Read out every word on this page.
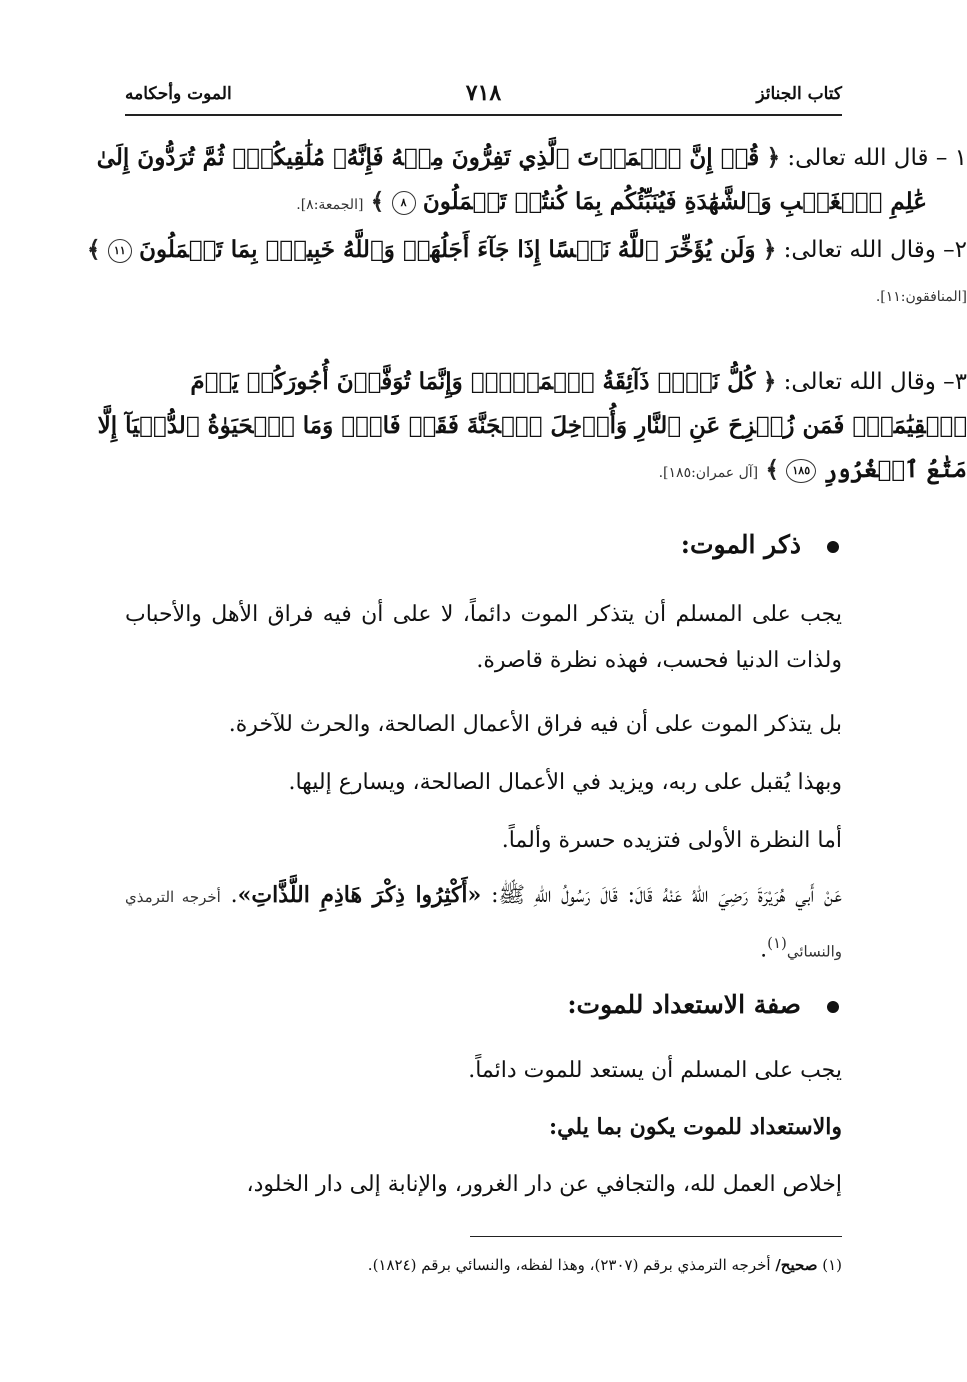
كتاب الجنائز
٧١٨
الموت وأحكامه
١ – قال الله تعالى: ﴿ قُلۡ إِنَّ ٱلۡمَوۡتَ ٱلَّذِي تَفِرُّونَ مِنۡهُ فَإِنَّهُۥ مُلَٰقِيكُمۡۖ ثُمَّ تُرَدُّونَ إِلَىٰ
عَٰلِمِ ٱلۡغَيۡبِ وَٱلشَّهَٰدَةِ فَيُنَبِّئُكُم بِمَا كُنتُمۡ تَعۡمَلُونَ ٨ ﴾ [الجمعة:٨].
٢– وقال الله تعالى: ﴿ وَلَن يُؤَخِّرَ ٱللَّهُ نَفۡسًا إِذَا جَآءَ أَجَلُهَاۚ وَٱللَّهُ خَبِيرُۢ بِمَا تَعۡمَلُونَ ١١ ﴾
[المنافقون:١١].
٣– وقال الله تعالى: ﴿ كُلُّ نَفۡسٖ ذَآئِقَةُ ٱلۡمَوۡتِۗ وَإِنَّمَا تُوَفَّوۡنَ أُجُورَكُمۡ يَوۡمَ
ٱلۡقِيَٰمَةِۖ فَمَن زُحۡزِحَ عَنِ ٱلنَّارِ وَأُدۡخِلَ ٱلۡجَنَّةَ فَقَدۡ فَازَۗ وَمَا ٱلۡحَيَوٰةُ ٱلدُّنۡيَآ إِلَّا
مَتَٰعُ ٱلۡغُرُورِ ١٨٥ ﴾ [آل عمران:١٨٥].
ذكر الموت:
يجب على المسلم أن يتذكر الموت دائماً، لا على أن فيه فراق الأهل والأحباب ولذات الدنيا فحسب، فهذه نظرة قاصرة.
بل يتذكر الموت على أن فيه فراق الأعمال الصالحة، والحرث للآخرة.
وبهذا يُقبل على ربه، ويزيد في الأعمال الصالحة، ويسارع إليها.
أما النظرة الأولى فتزيده حسرة وألماً.
عَنْ أَبي هُرَيْرَةَ رَضِيَ اللهُ عَنْهُ قَالَ: قَالَ رَسُولُ اللهِ ﷺ: «أَكْثِرُوا ذِكْرَ هَاذِمِ اللَّذَّاتِ». أخرجه الترمذي والنسائي$^{(١)}$.
صفة الاستعداد للموت:
يجب على المسلم أن يستعد للموت دائماً.
والاستعداد للموت يكون بما يلي:
إخلاص العمل لله، والتجافي عن دار الغرور، والإنابة إلى دار الخلود،
(١) صحيح/ أخرجه الترمذي برقم (٢٣٠٧)، وهذا لفظه، والنسائي برقم (١٨٢٤).
